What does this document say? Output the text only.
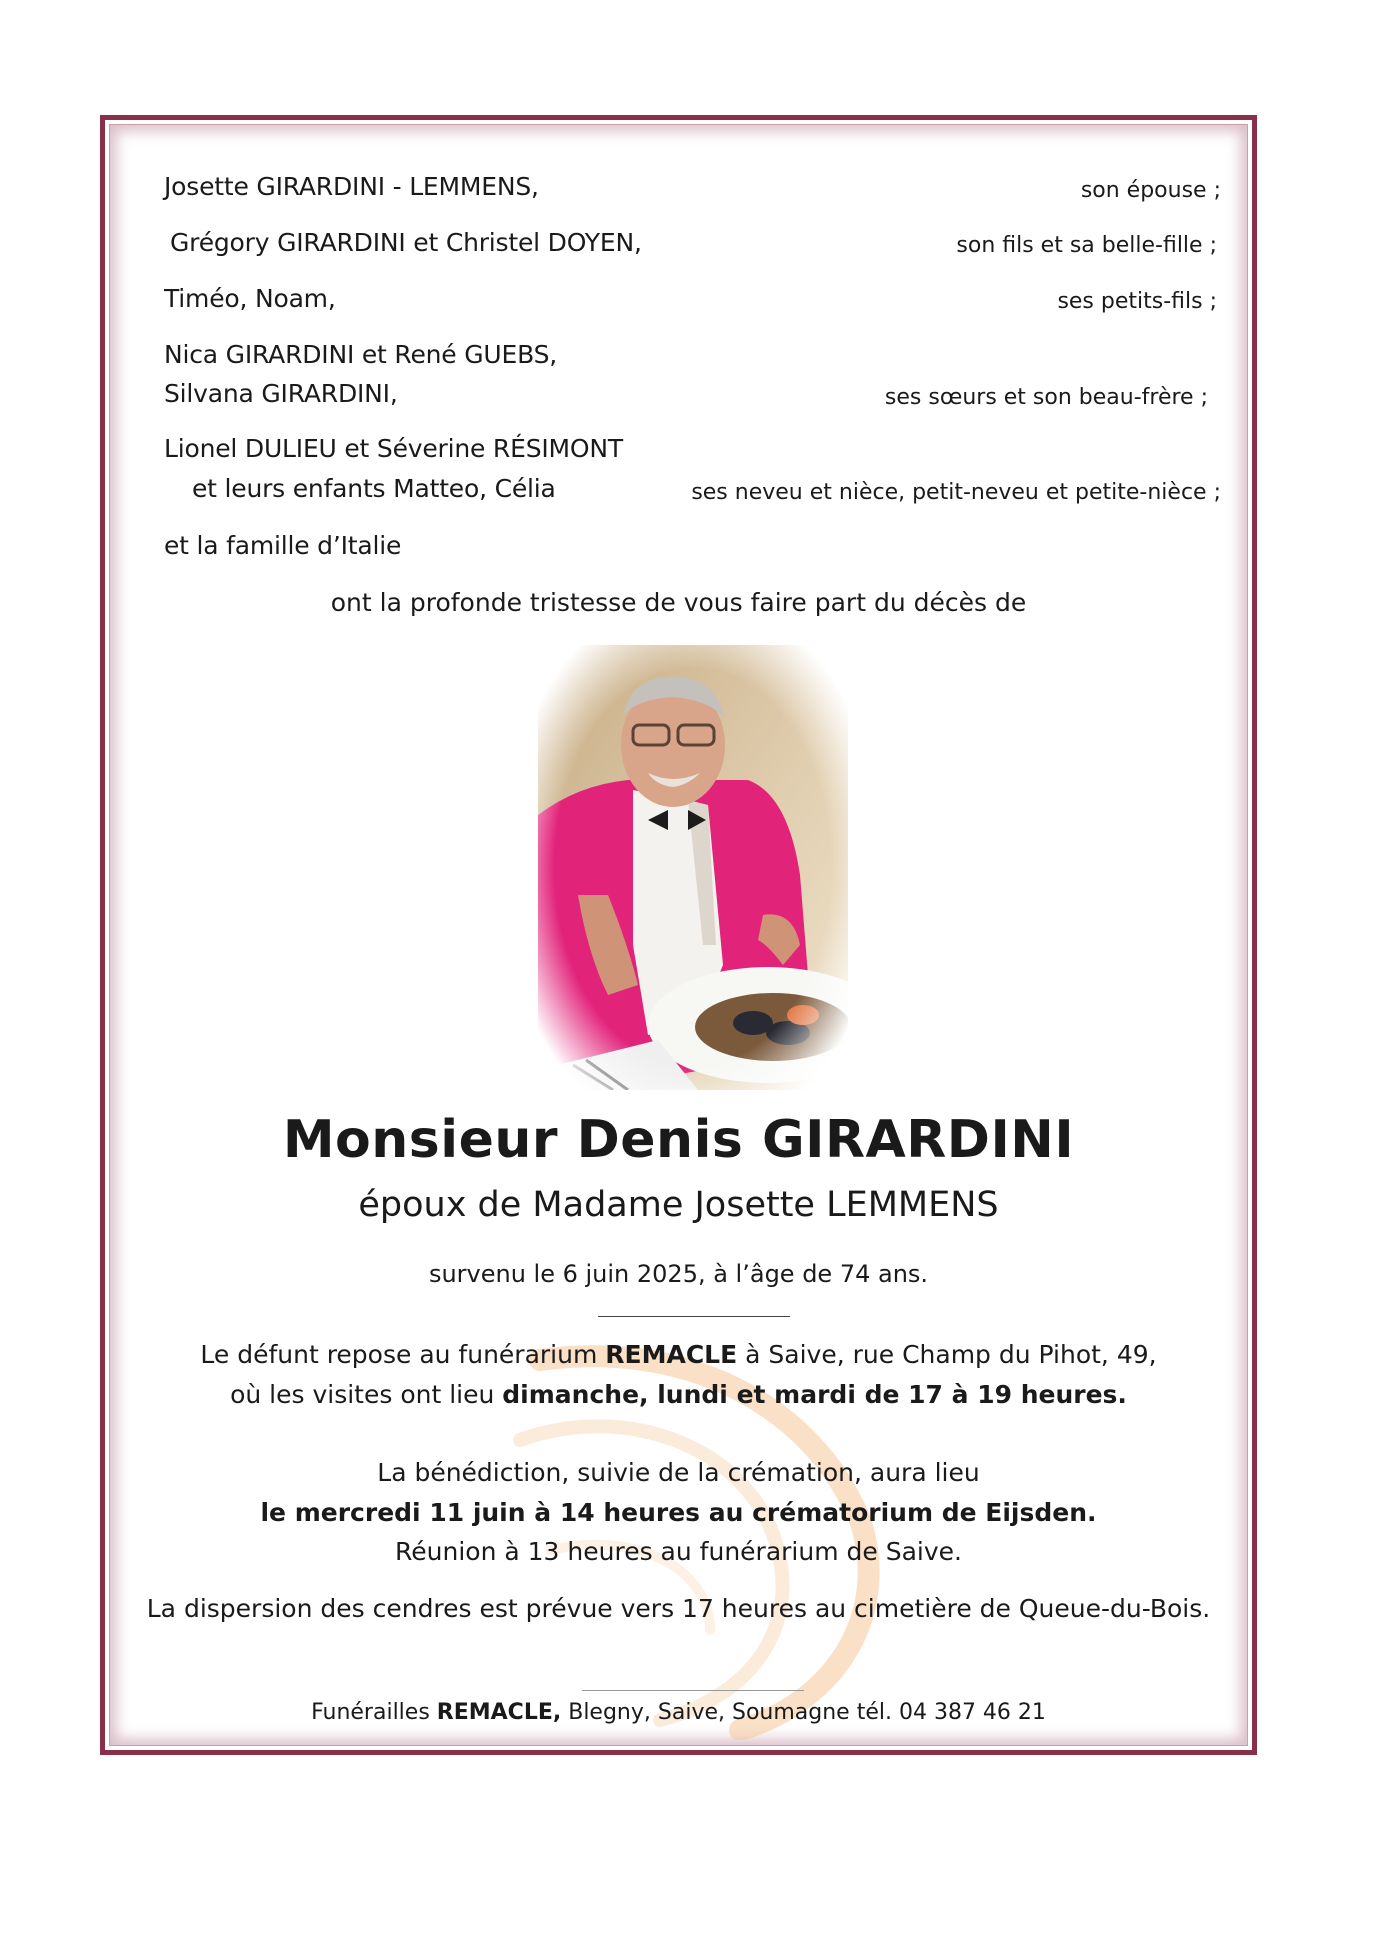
Josette GIRARDINI - LEMMENS,	son épouse ;
Grégory GIRARDINI et Christel DOYEN,	son fils et sa belle-fille ;
Timéo, Noam,	ses petits-fils ;
Nica GIRARDINI et René GUEBS,
Silvana GIRARDINI,	ses sœurs et son beau-frère ;
Lionel DULIEU et Séverine RÉSIMONT
et leurs enfants Matteo, Célia	ses neveu et nièce, petit-neveu et petite-nièce ;
et la famille d’Italie
ont la profonde tristesse de vous faire part du décès de
Monsieur Denis GIRARDINI
époux de Madame Josette LEMMENS
survenu le 6 juin 2025, à l’âge de 74 ans.
Le défunt repose au funérarium REMACLE à Saive, rue Champ du Pihot, 49,
où les visites ont lieu dimanche, lundi et mardi de 17 à 19 heures.
La bénédiction, suivie de la crémation, aura lieu
le mercredi 11 juin à 14 heures au crématorium de Eijsden.
Réunion à 13 heures au funérarium de Saive.
La dispersion des cendres est prévue vers 17 heures au cimetière de Queue-du-Bois.
Funérailles REMACLE, Blegny, Saive, Soumagne tél. 04 387 46 21
